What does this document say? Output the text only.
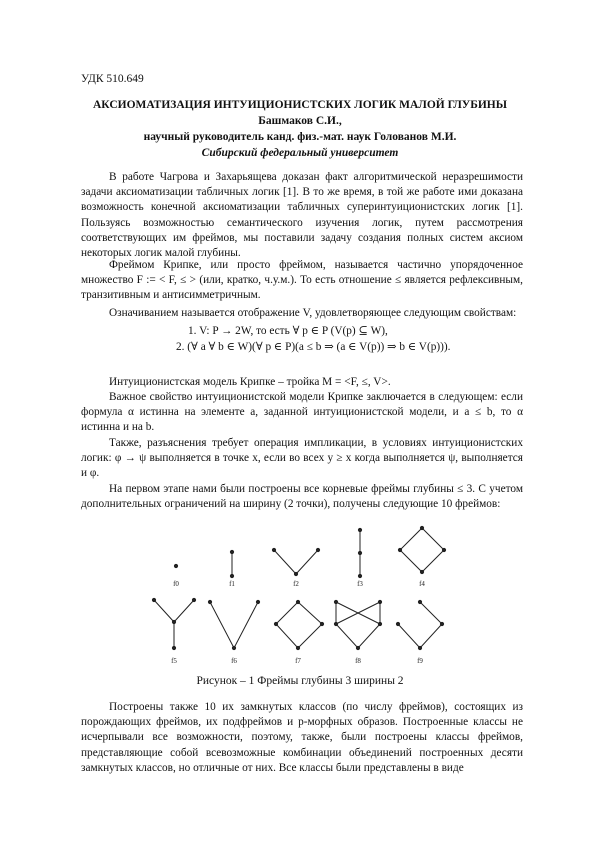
УДК 510.649
АКСИОМАТИЗАЦИЯ ИНТУИЦИОНИСТСКИХ ЛОГИК МАЛОЙ ГЛУБИНЫ
Башмаков С.И.,
научный руководитель канд. физ.-мат. наук Голованов М.И.
Сибирский федеральный университет

В работе Чагрова и Захарьящева доказан факт алгоритмической неразрешимости задачи аксиоматизации табличных логик [1]. В то же время, в той же работе ими доказана возможность конечной аксиоматизации табличных суперинтуиционистских логик [1]. Пользуясь возможностью семантического изучения логик, путем рассмотрения соответствующих им фреймов, мы поставили задачу создания полных систем аксиом некоторых логик малой глубины.

Фреймом Крипке, или просто фреймом, называется частично упорядоченное множество F := < F, ≤ > (или, кратко, ч.у.м.). То есть отношение ≤ является рефлексивным, транзитивным и антисимметричным.

Означиванием называется отображение V, удовлетворяющее следующим свойствам:

1. V: P → 2W, то есть ∀ p ∈ P (V(p) ⊆ W),
2. (∀ a ∀ b ∈ W)(∀ p ∈ P)(a ≤ b ⇒ (a ∈ V(p)) ⇒ b ∈ V(p))).

Интуиционистская модель Крипке – тройка M = <F, ≤, V>.

Важное свойство интуиционистской модели Крипке заключается в следующем: если формула α истинна на элементе a, заданной интуиционистской модели, и a ≤ b, то α истинна и на b.

Также, разъяснения требует операция импликации, в условиях интуиционистских логик: φ → ψ выполняется в точке x, если во всех y ≥ x когда выполняется ψ, выполняется и φ.

На первом этапе нами были построены все корневые фреймы глубины ≤ 3. С учетом дополнительных ограничений на ширину (2 точки), получены следующие 10 фреймов:

f0	f1	f2	f3	f4
f5	f6	f7	f8	f9
Рисунок – 1 Фреймы глубины 3 ширины 2

Построены также 10 их замкнутых классов (по числу фреймов), состоящих из порождающих фреймов, их подфреймов и p-морфных образов. Построенные классы не исчерпывали все возможности, поэтому, также, были построены классы фреймов, представляющие собой всевозможные комбинации объединений построенных десяти замкнутых классов, но отличные от них. Все классы были представлены в виде
